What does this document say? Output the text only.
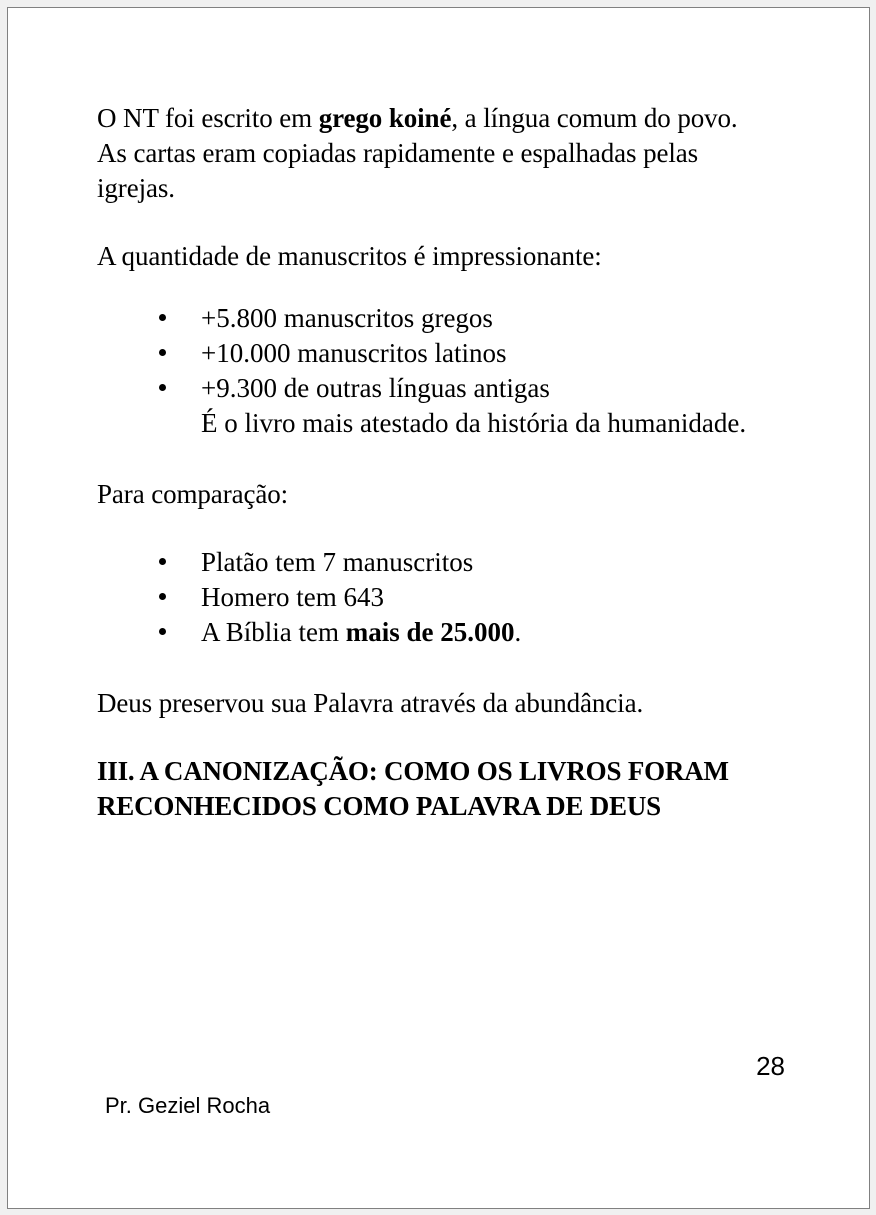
O NT foi escrito em grego koiné, a língua comum do povo.

As cartas eram copiadas rapidamente e espalhadas pelas igrejas.

A quantidade de manuscritos é impressionante:

+5.800 manuscritos gregos
+10.000 manuscritos latinos
+9.300 de outras línguas antigas
É o livro mais atestado da história da humanidade.

Para comparação:

Platão tem 7 manuscritos
Homero tem 643
A Bíblia tem mais de 25.000.

Deus preservou sua Palavra através da abundância.

III. A CANONIZAÇÃO: COMO OS LIVROS FORAM RECONHECIDOS COMO PALAVRA DE DEUS
28
Pr. Geziel Rocha
